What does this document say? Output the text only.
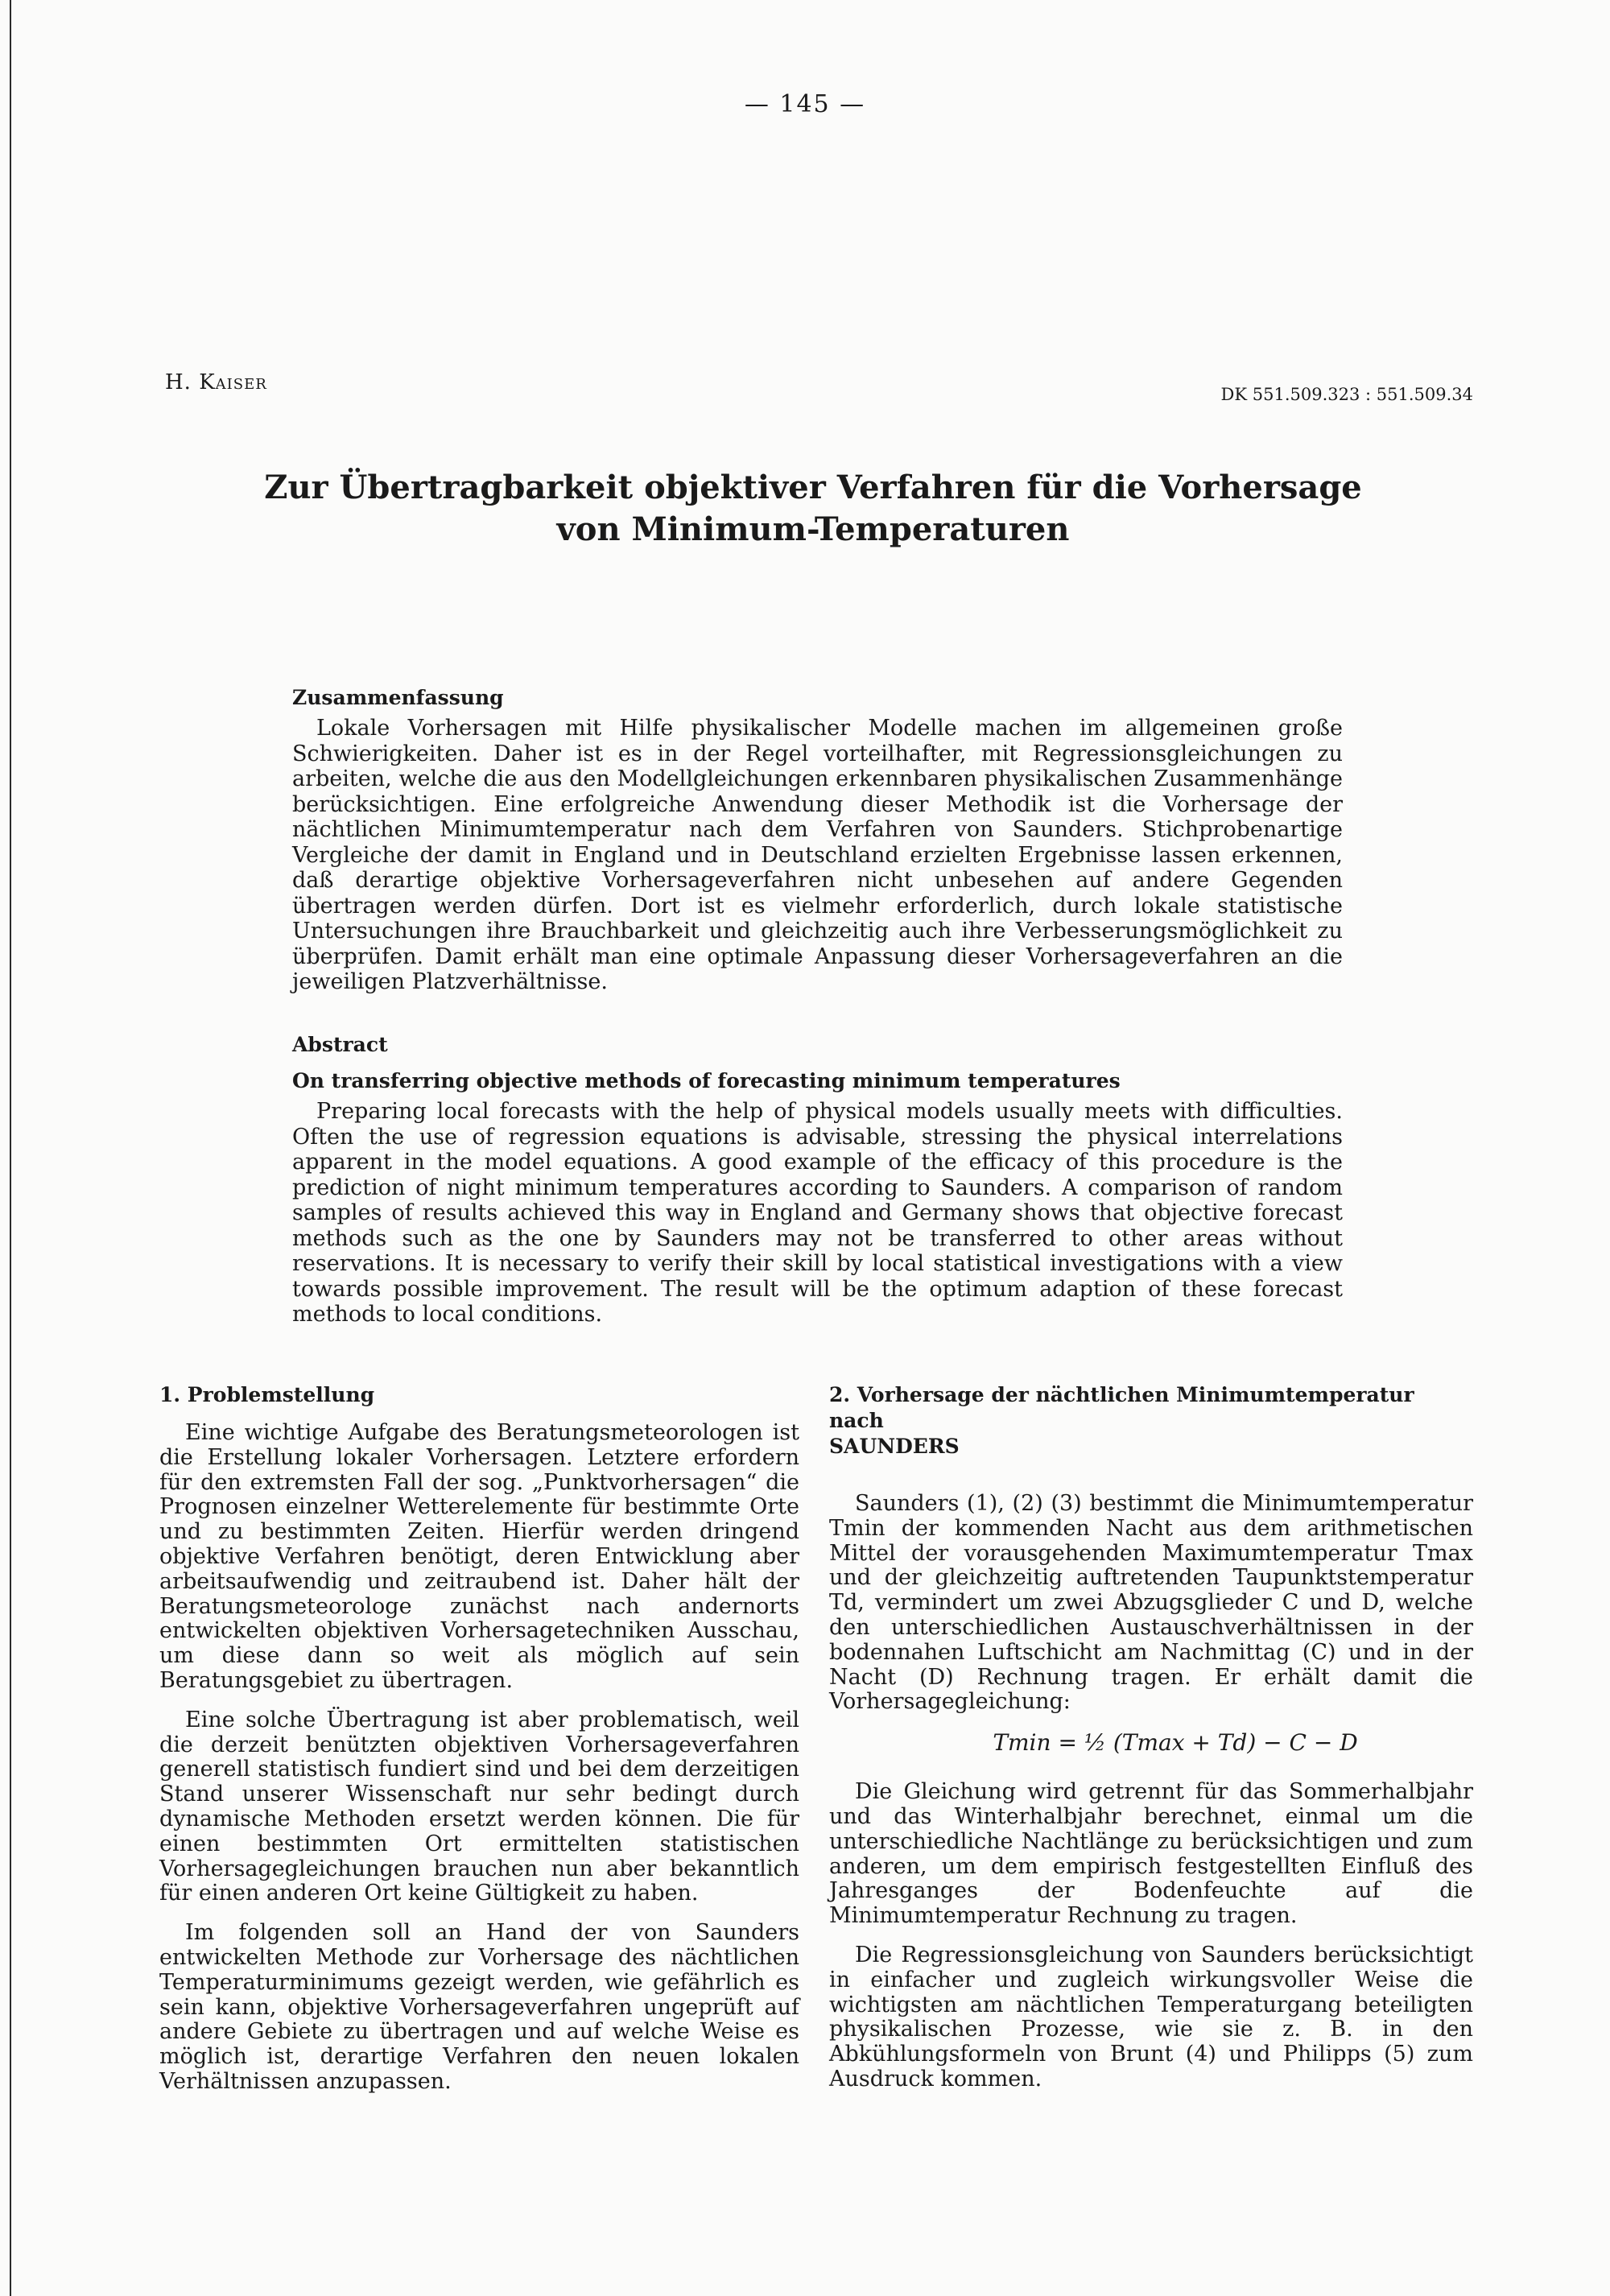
— 145 —
H. Kaiser	DK 551.509.323 : 551.509.34
Zur Übertragbarkeit objektiver Verfahren für die Vorhersage
von Minimum-Temperaturen
Zusammenfassung

Lokale Vorhersagen mit Hilfe physikalischer Modelle machen im allgemeinen große Schwierigkeiten. Daher ist es in der Regel vorteilhafter, mit Regressionsgleichungen zu arbeiten, welche die aus den Modellgleichungen erkennbaren physikalischen Zusammenhänge berücksichtigen. Eine erfolgreiche Anwendung dieser Methodik ist die Vorhersage der nächtlichen Minimumtemperatur nach dem Verfahren von Saunders. Stichprobenartige Vergleiche der damit in England und in Deutschland erzielten Ergebnisse lassen erkennen, daß derartige objektive Vorhersageverfahren nicht unbesehen auf andere Gegenden übertragen werden dürfen. Dort ist es vielmehr erforderlich, durch lokale statistische Untersuchungen ihre Brauchbarkeit und gleichzeitig auch ihre Verbesserungsmöglichkeit zu überprüfen. Damit erhält man eine optimale Anpassung dieser Vorhersageverfahren an die jeweiligen Platzverhältnisse.

Abstract
On transferring objective methods of forecasting minimum temperatures

Preparing local forecasts with the help of physical models usually meets with difficulties. Often the use of regression equations is advisable, stressing the physical interrelations apparent in the model equations. A good example of the efficacy of this procedure is the prediction of night minimum temperatures according to Saunders. A comparison of random samples of results achieved this way in England and Germany shows that objective forecast methods such as the one by Saunders may not be transferred to other areas without reservations. It is necessary to verify their skill by local statistical investigations with a view towards possible improvement. The result will be the optimum adaption of these forecast methods to local conditions.

1. Problemstellung

Eine wichtige Aufgabe des Beratungsmeteorologen ist die Erstellung lokaler Vorhersagen. Letztere erfordern für den extremsten Fall der sog. „Punktvorhersagen“ die Prognosen einzelner Wetterelemente für bestimmte Orte und zu bestimmten Zeiten. Hierfür werden dringend objektive Verfahren benötigt, deren Entwicklung aber arbeitsaufwendig und zeitraubend ist. Daher hält der Beratungsmeteorologe zunächst nach andernorts entwickelten objektiven Vorhersagetechniken Ausschau, um diese dann so weit als möglich auf sein Beratungsgebiet zu übertragen.

Eine solche Übertragung ist aber problematisch, weil die derzeit benützten objektiven Vorhersageverfahren generell statistisch fundiert sind und bei dem derzeitigen Stand unserer Wissenschaft nur sehr bedingt durch dynamische Methoden ersetzt werden können. Die für einen bestimmten Ort ermittelten statistischen Vorhersagegleichungen brauchen nun aber bekanntlich für einen anderen Ort keine Gültigkeit zu haben.

Im folgenden soll an Hand der von Saunders entwickelten Methode zur Vorhersage des nächtlichen Temperaturminimums gezeigt werden, wie gefährlich es sein kann, objektive Vorhersageverfahren ungeprüft auf andere Gebiete zu übertragen und auf welche Weise es möglich ist, derartige Verfahren den neuen lokalen Verhältnissen anzupassen.

2. Vorhersage der nächtlichen Minimumtemperatur nach
SAUNDERS

Saunders (1), (2) (3) bestimmt die Minimumtemperatur Tmin der kommenden Nacht aus dem arithmetischen Mittel der vorausgehenden Maximumtemperatur Tmax und der gleichzeitig auftretenden Taupunktstemperatur Td, vermindert um zwei Abzugsglieder C und D, welche den unterschiedlichen Austauschverhältnissen in der bodennahen Luftschicht am Nachmittag (C) und in der Nacht (D) Rechnung tragen. Er erhält damit die Vorhersagegleichung:

Tmin = ½ (Tmax + Td) − C − D

Die Gleichung wird getrennt für das Sommerhalbjahr und das Winterhalbjahr berechnet, einmal um die unterschiedliche Nachtlänge zu berücksichtigen und zum anderen, um dem empirisch festgestellten Einfluß des Jahresganges der Bodenfeuchte auf die Minimumtemperatur Rechnung zu tragen.

Die Regressionsgleichung von Saunders berücksichtigt in einfacher und zugleich wirkungsvoller Weise die wichtigsten am nächtlichen Temperaturgang beteiligten physikalischen Prozesse, wie sie z. B. in den Abkühlungsformeln von Brunt (4) und Philipps (5) zum Ausdruck kommen.
